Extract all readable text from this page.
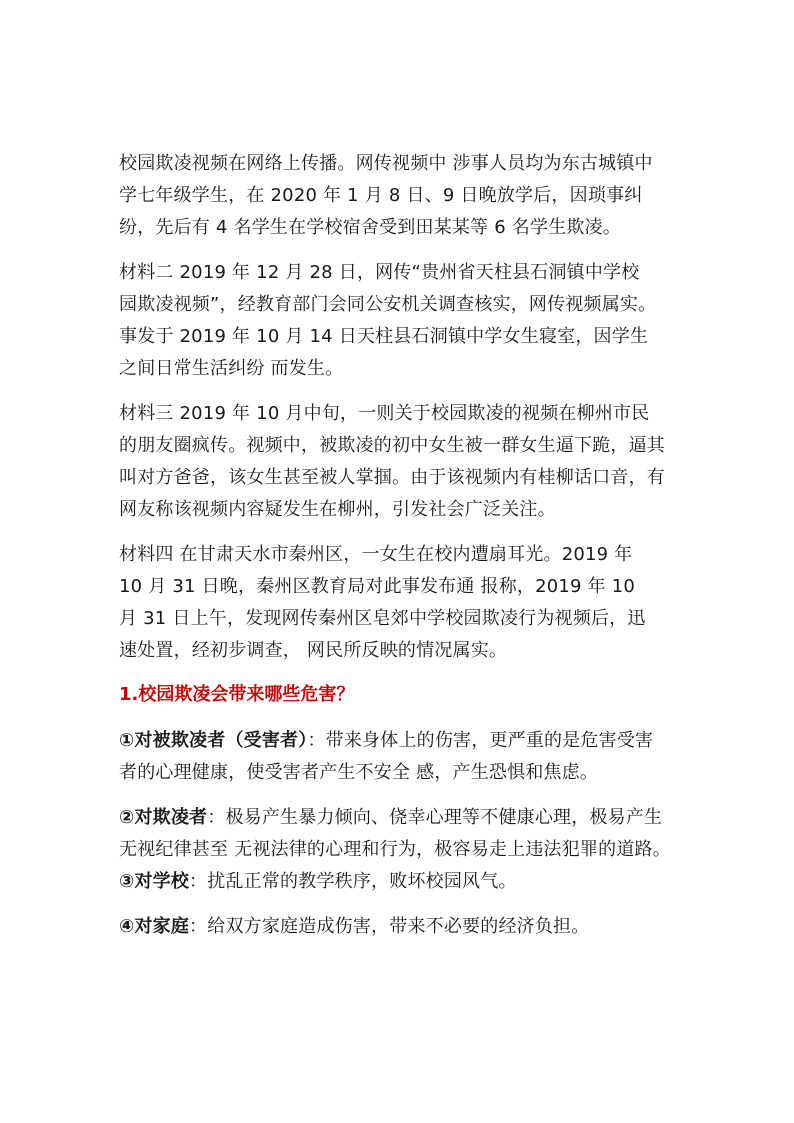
校园欺凌视频在网络上传播。网传视频中 涉事人员均为东古城镇中
学七年级学生，在 2020 年 1 月 8 日、9 日晚放学后，因琐事纠
纷，先后有 4 名学生在学校宿舍受到田某某等 6 名学生欺凌。

材料二 2019 年 12 月 28 日，网传“贵州省天柱县石洞镇中学校
园欺凌视频”，经教育部门会同公安机关调查核实，网传视频属实。
事发于 2019 年 10 月 14 日天柱县石洞镇中学女生寝室，因学生
之间日常生活纠纷 而发生。

材料三 2019 年 10 月中旬，一则关于校园欺凌的视频在柳州市民
的朋友圈疯传。视频中，被欺凌的初中女生被一群女生逼下跪，逼其
叫对方爸爸，该女生甚至被人掌掴。由于该视频内有桂柳话口音，有
网友称该视频内容疑发生在柳州，引发社会广泛关注。

材料四 在甘肃天水市秦州区，一女生在校内遭扇耳光。2019 年
10 月 31 日晚，秦州区教育局对此事发布通 报称，2019 年 10
月 31 日上午，发现网传秦州区皂郊中学校园欺凌行为视频后，迅
速处置，经初步调查， 网民所反映的情况属实。

1.校园欺凌会带来哪些危害？

①对被欺凌者（受害者）：带来身体上的伤害，更严重的是危害受害
者的心理健康，使受害者产生不安全 感，产生恐惧和焦虑。

②对欺凌者：极易产生暴力倾向、侥幸心理等不健康心理，极易产生
无视纪律甚至 无视法律的心理和行为，极容易走上违法犯罪的道路。

③对学校：扰乱正常的教学秩序，败坏校园风气。

④对家庭：给双方家庭造成伤害，带来不必要的经济负担。
